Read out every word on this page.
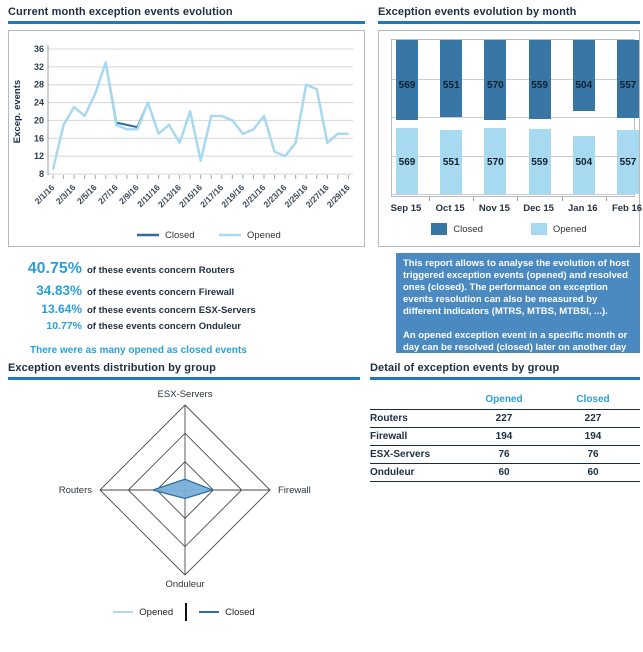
Current month exception events evolution
8
12
16
20
24
28
32
36
2/1/16
2/3/16
2/5/16
2/7/16
2/9/16
2/11/16
2/13/16
2/15/16
2/17/16
2/19/16
2/21/16
2/23/16
2/25/16
2/27/16
2/29/16
Closed	Opened
Excep. events
Exception events evolution by month
569
569
551
551
570
570
559
559
504
504
557
557
Sep 15	Oct 15	Nov 15	Dec 15	Jan 16	Feb 16
Closed	Opened
40.75% of these events concern Routers
34.83% of these events concern Firewall
13.64% of these events concern ESX-Servers
10.77% of these events concern Onduleur
There were as many opened as closed events

This report allows to analyse the evolution of host triggered exception events (opened) and resolved ones (closed). The performance on exception events resolution can also be measured by different indicators (MTRS, MTBS, MTBSI, ...).

An opened exception event in a specific month or day can be resolved (closed) later on another day or month.

Exception events distribution by group
ESX-Servers
Firewall
Onduleur
Routers
Opened	Closed
Detail of exception events by group
	Opened	Closed
Routers	227	227
Firewall	194	194
ESX-Servers	76	76
Onduleur	60	60
